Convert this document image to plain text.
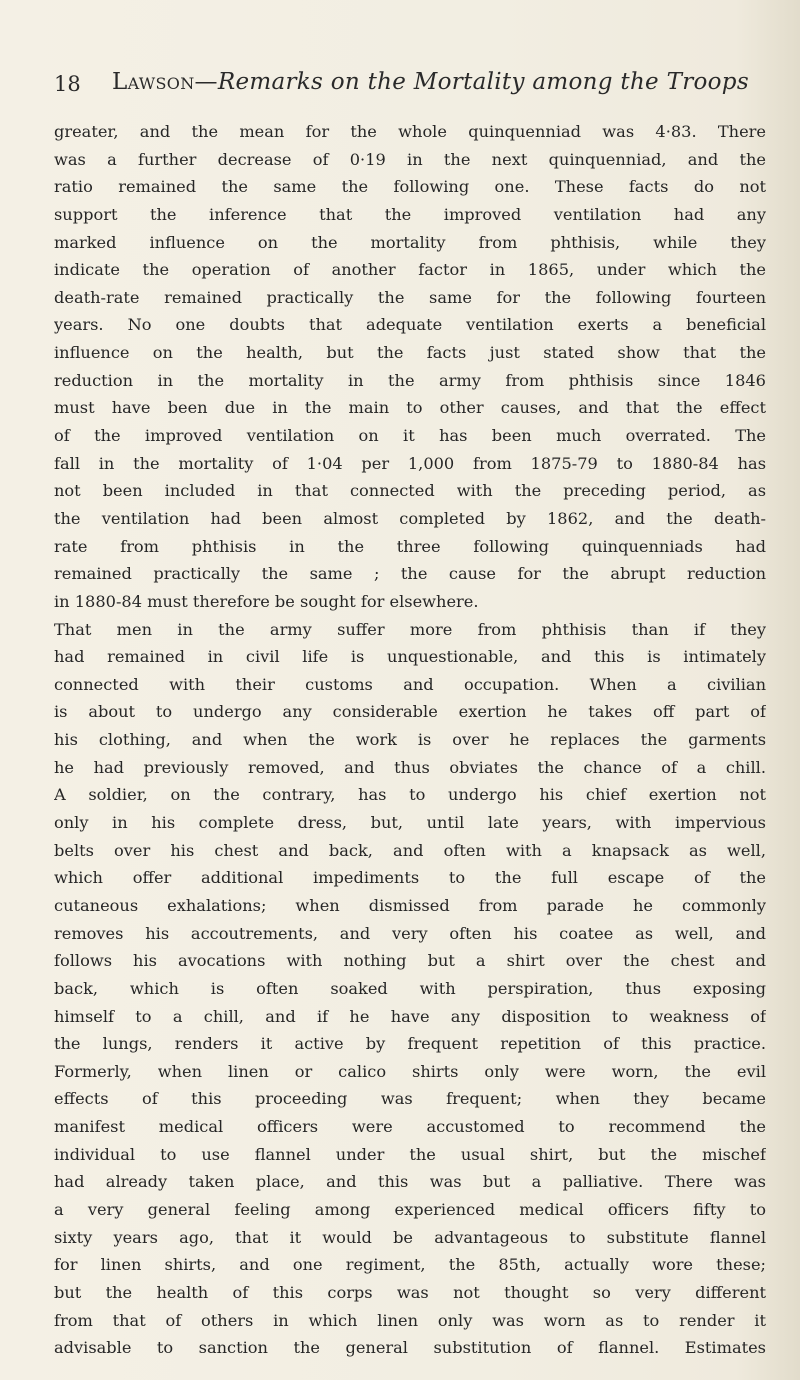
18 Lawson—Remarks on the Mortality among the Troops
greater, and the mean for the whole quinquenniad was 4·83. There
was a further decrease of 0·19 in the next quinquenniad, and the
ratio remained the same the following one. These facts do not
support the inference that the improved ventilation had any
marked influence on the mortality from phthisis, while they
indicate the operation of another factor in 1865, under which the
death-rate remained practically the same for the following fourteen
years. No one doubts that adequate ventilation exerts a beneficial
influence on the health, but the facts just stated show that the
reduction in the mortality in the army from phthisis since 1846
must have been due in the main to other causes, and that the effect
of the improved ventilation on it has been much overrated. The
fall in the mortality of 1·04 per 1,000 from 1875-79 to 1880-84 has
not been included in that connected with the preceding period, as
the ventilation had been almost completed by 1862, and the death-
rate from phthisis in the three following quinquenniads had
remained practically the same ; the cause for the abrupt reduction
in 1880-84 must therefore be sought for elsewhere.
That men in the army suffer more from phthisis than if they
had remained in civil life is unquestionable, and this is intimately
connected with their customs and occupation. When a civilian
is about to undergo any considerable exertion he takes off part of
his clothing, and when the work is over he replaces the garments
he had previously removed, and thus obviates the chance of a chill.
A soldier, on the contrary, has to undergo his chief exertion not
only in his complete dress, but, until late years, with impervious
belts over his chest and back, and often with a knapsack as well,
which offer additional impediments to the full escape of the
cutaneous exhalations; when dismissed from parade he commonly
removes his accoutrements, and very often his coatee as well, and
follows his avocations with nothing but a shirt over the chest and
back, which is often soaked with perspiration, thus exposing
himself to a chill, and if he have any disposition to weakness of
the lungs, renders it active by frequent repetition of this practice.
Formerly, when linen or calico shirts only were worn, the evil
effects of this proceeding was frequent; when they became
manifest medical officers were accustomed to recommend the
individual to use flannel under the usual shirt, but the mischef
had already taken place, and this was but a palliative. There was
a very general feeling among experienced medical officers fifty to
sixty years ago, that it would be advantageous to substitute flannel
for linen shirts, and one regiment, the 85th, actually wore these;
but the health of this corps was not thought so very different
from that of others in which linen only was worn as to render it
advisable to sanction the general substitution of flannel. Estimates
